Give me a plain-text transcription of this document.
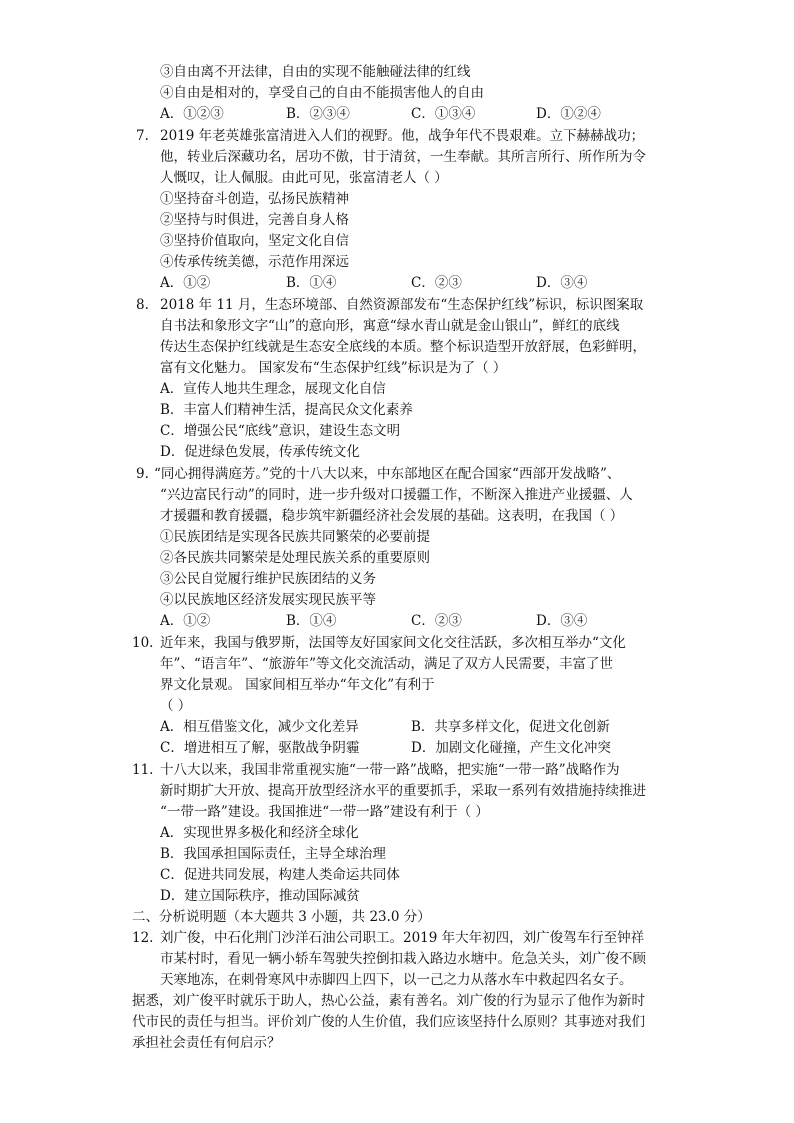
③自由离不开法律，自由的实现不能触碰法律的红线
④自由是相对的，享受自己的自由不能损害他人的自由
A．①②③	B．②③④	C．①③④	D．①②④
7. 2019 年老英雄张富清进入人们的视野。他，战争年代不畏艰难。立下赫赫战功；
他，转业后深藏功名，居功不傲，甘于清贫，一生奉献。其所言所行、所作所为令
人慨叹，让人佩服。由此可见，张富清老人（ ）
①坚持奋斗创造，弘扬民族精神
②坚持与时俱进，完善自身人格
③坚持价值取向，坚定文化自信
④传承传统美德，示范作用深远
A．①②	B．①④	C．②③	D．③④
8. 2018 年 11 月，生态环境部、自然资源部发布“生态保护红线”标识，标识图案取
自书法和象形文字“山”的意向形，寓意“绿水青山就是金山银山”，鲜红的底线
传达生态保护红线就是生态安全底线的本质。整个标识造型开放舒展，色彩鲜明，
富有文化魅力。 国家发布“生态保护红线”标识是为了（ ）
A．宣传人地共生理念，展现文化自信
B．丰富人们精神生活，提高民众文化素养
C．增强公民“底线”意识，建设生态文明
D．促进绿色发展，传承传统文化
9. “同心拥得满庭芳。”党的十八大以来，中东部地区在配合国家“西部开发战略”、
“兴边富民行动”的同时，进一步升级对口援疆工作，不断深入推进产业援疆、人
才援疆和教育援疆，稳步筑牢新疆经济社会发展的基础。这表明，在我国（ ）
①民族团结是实现各民族共同繁荣的必要前提
②各民族共同繁荣是处理民族关系的重要原则
③公民自觉履行维护民族团结的义务
④以民族地区经济发展实现民族平等
A．①②	B．①④	C．②③	D．③④
10. 近年来，我国与俄罗斯，法国等友好国家间文化交往活跃，多次相互举办“文化
年”、“语言年”、“旅游年”等文化交流活动，满足了双方人民需要，丰富了世
界文化景观。 国家间相互举办“年文化”有利于
（ ）
A．相互借鉴文化，减少文化差异	B．共享多样文化，促进文化创新
C．增进相互了解，驱散战争阴霾	D．加剧文化碰撞，产生文化冲突
11. 十八大以来，我国非常重视实施“一带一路”战略，把实施“一带一路”战略作为
新时期扩大开放、提高开放型经济水平的重要抓手，采取一系列有效措施持续推进
“一带一路”建设。我国推进“一带一路”建设有利于（ ）
A．实现世界多极化和经济全球化
B．我国承担国际责任，主导全球治理
C．促进共同发展，构建人类命运共同体
D．建立国际秩序，推动国际减贫
二、分析说明题（本大题共 3 小题，共 23.0 分）
12. 刘广俊，中石化荆门沙洋石油公司职工。2019 年大年初四，刘广俊驾车行至钟祥
市某村时，看见一辆小轿车驾驶失控倒扣栽入路边水塘中。危急关头，刘广俊不顾
天寒地冻，在刺骨寒风中赤脚四上四下，以一己之力从落水车中救起四名女子。
据悉，刘广俊平时就乐于助人，热心公益，素有善名。刘广俊的行为显示了他作为新时
代市民的责任与担当。评价刘广俊的人生价值，我们应该坚持什么原则？其事迹对我们
承担社会责任有何启示？
